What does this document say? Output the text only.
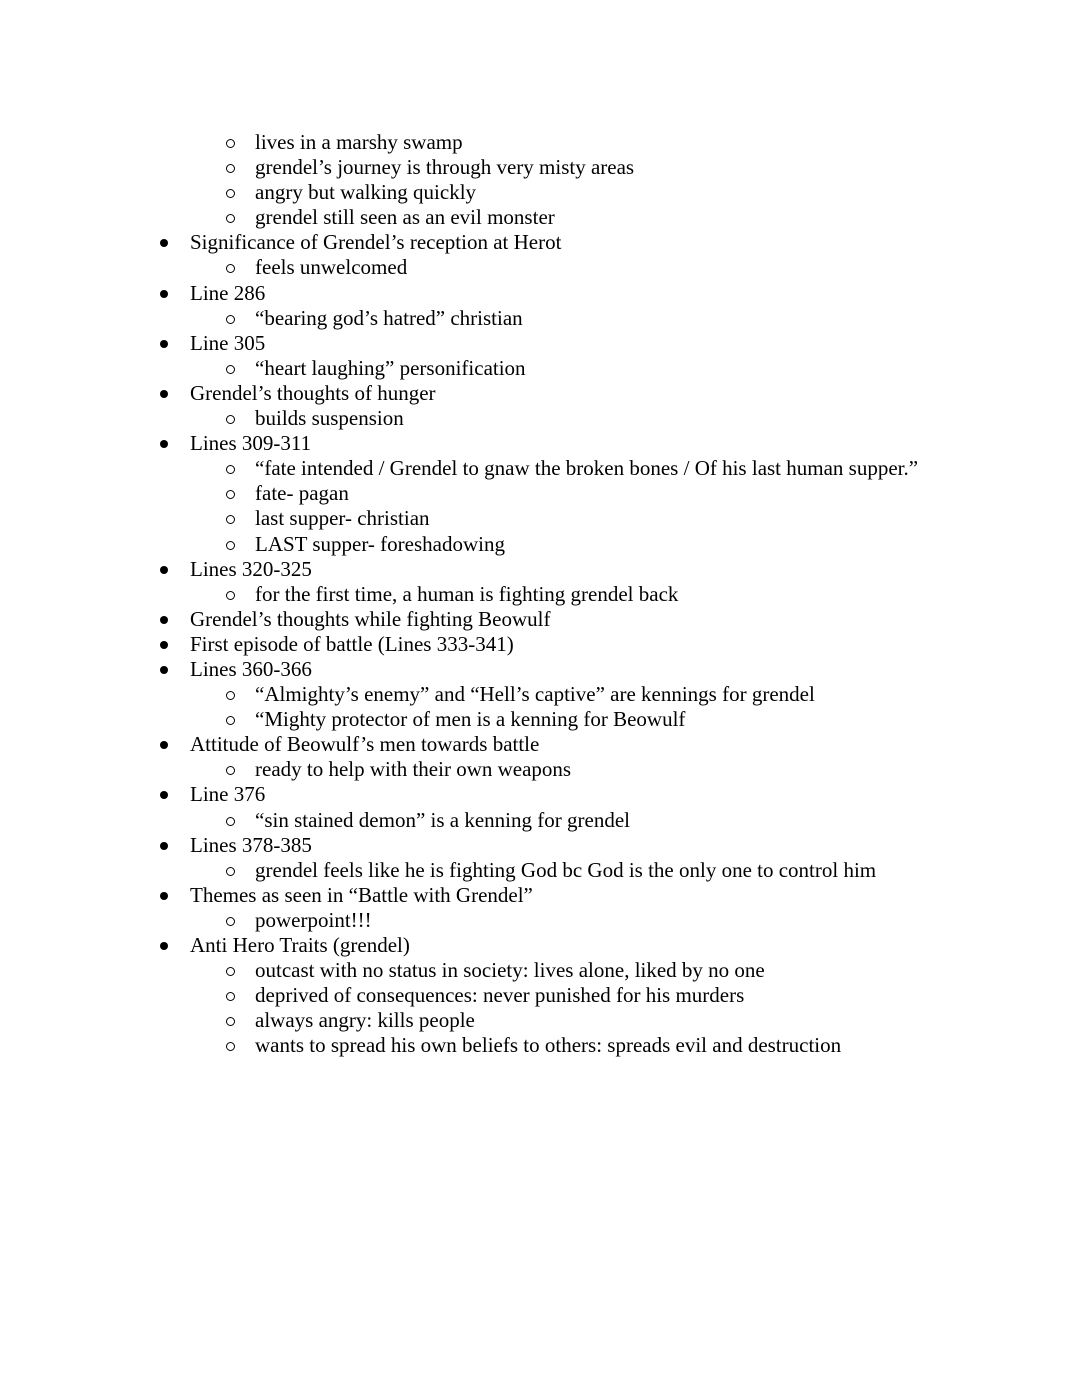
lives in a marshy swamp
grendel’s journey is through very misty areas
angry but walking quickly
grendel still seen as an evil monster
Significance of Grendel’s reception at Herot
feels unwelcomed
Line 286
“bearing god’s hatred” christian
Line 305
“heart laughing” personification
Grendel’s thoughts of hunger
builds suspension
Lines 309-311
“fate intended / Grendel to gnaw the broken bones / Of his last human supper.”
fate- pagan
last supper- christian
LAST supper- foreshadowing
Lines 320-325
for the first time, a human is fighting grendel back
Grendel’s thoughts while fighting Beowulf
First episode of battle (Lines 333-341)
Lines 360-366
“Almighty’s enemy” and “Hell’s captive” are kennings for grendel
“Mighty protector of men is a kenning for Beowulf
Attitude of Beowulf’s men towards battle
ready to help with their own weapons
Line 376
“sin stained demon” is a kenning for grendel
Lines 378-385
grendel feels like he is fighting God bc God is the only one to control him
Themes as seen in “Battle with Grendel”
powerpoint!!!
Anti Hero Traits (grendel)
outcast with no status in society: lives alone, liked by no one
deprived of consequences: never punished for his murders
always angry: kills people
wants to spread his own beliefs to others: spreads evil and destruction
